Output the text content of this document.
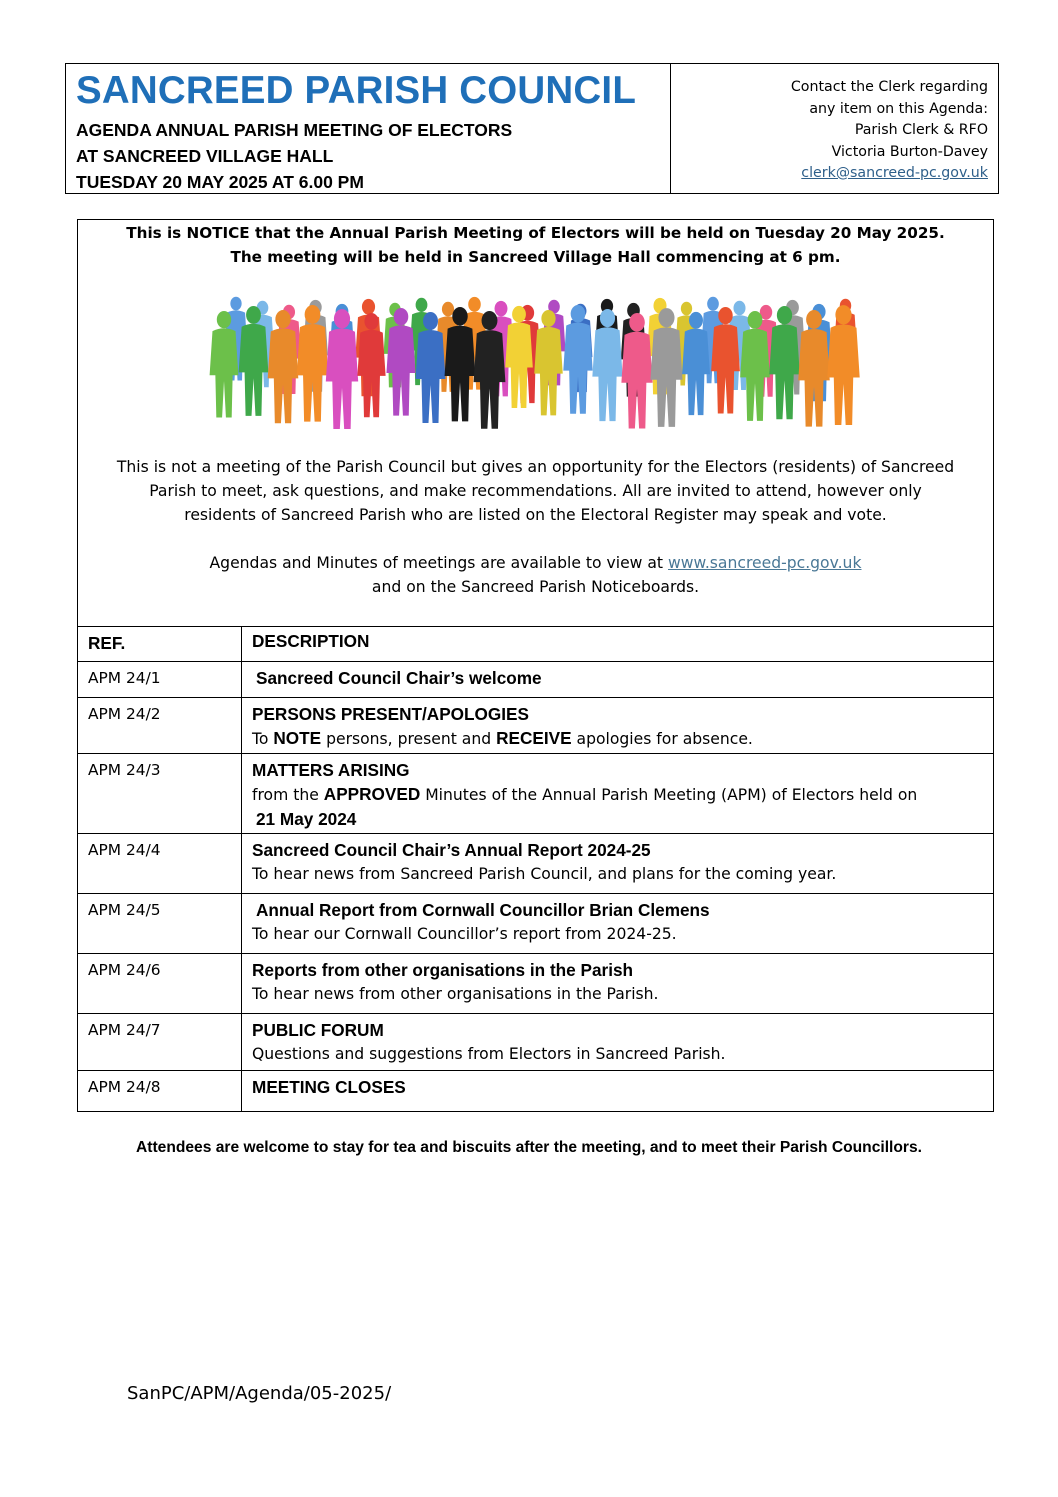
SANCREED PARISH COUNCIL

AGENDA ANNUAL PARISH MEETING OF ELECTORS

AT SANCREED VILLAGE HALL

TUESDAY 20 MAY 2025 AT 6.00 PM

Contact the Clerk regarding
any item on this Agenda:
Parish Clerk & RFO
Victoria Burton-Davey
clerk@sancreed-pc.gov.uk

This is NOTICE that the Annual Parish Meeting of Electors will be held on Tuesday 20 May 2025.

The meeting will be held in Sancreed Village Hall commencing at 6 pm.

This is not a meeting of the Parish Council but gives an opportunity for the Electors (residents) of Sancreed

Parish to meet, ask questions, and make recommendations. All are invited to attend, however only

residents of Sancreed Parish who are listed on the Electoral Register may speak and vote.

Agendas and Minutes of meetings are available to view at www.sancreed-pc.gov.uk

and on the Sancreed Parish Noticeboards.

REF.	DESCRIPTION

APM 24/1	Sancreed Council Chair’s welcome

APM 24/2	PERSONS PRESENT/APOLOGIES

To NOTE persons, present and RECEIVE apologies for absence.

APM 24/3	MATTERS ARISING

from the APPROVED Minutes of the Annual Parish Meeting (APM) of Electors held on

21 May 2024

APM 24/4	Sancreed Council Chair’s Annual Report 2024-25

To hear news from Sancreed Parish Council, and plans for the coming year.

APM 24/5	Annual Report from Cornwall Councillor Brian Clemens

To hear our Cornwall Councillor’s report from 2024-25.

APM 24/6	Reports from other organisations in the Parish

To hear news from other organisations in the Parish.

APM 24/7	PUBLIC FORUM

Questions and suggestions from Electors in Sancreed Parish.

APM 24/8	MEETING CLOSES

Attendees are welcome to stay for tea and biscuits after the meeting, and to meet their Parish Councillors.

SanPC/APM/Agenda/05-2025/
